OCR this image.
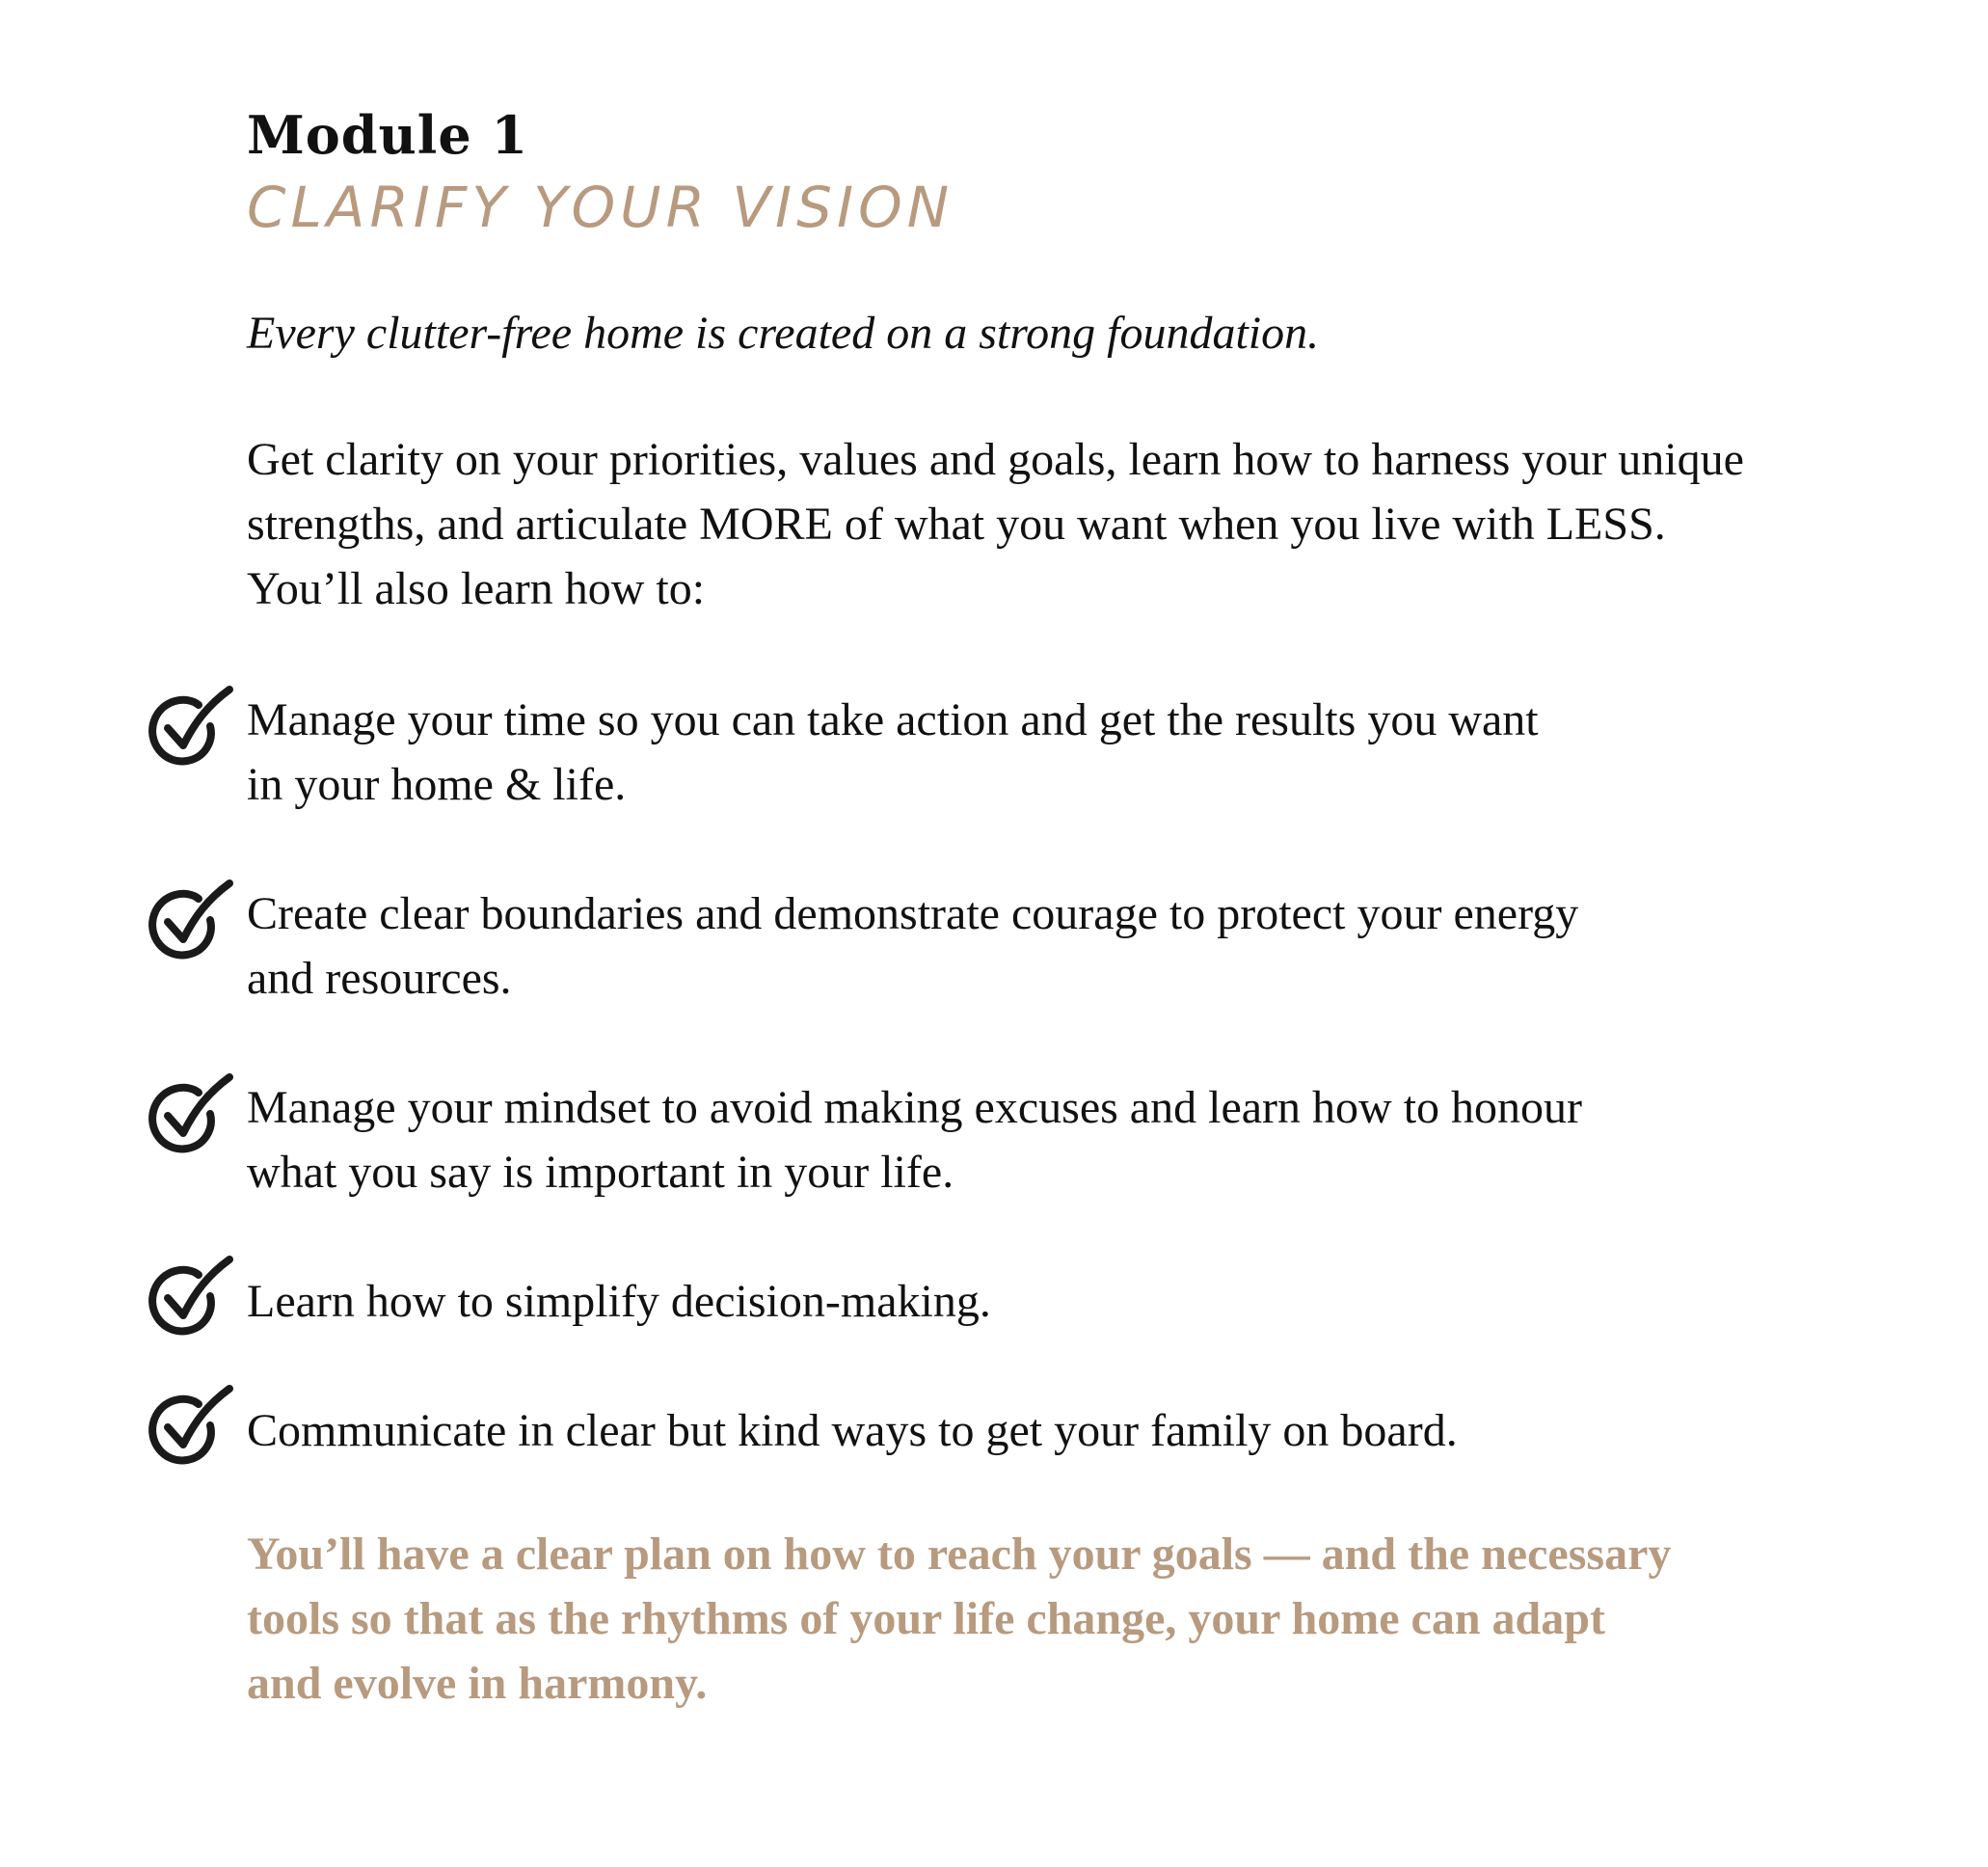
Module 1
CLARIFY YOUR VISION
Every clutter-free home is created on a strong foundation.
Get clarity on your priorities, values and goals, learn how to harness your unique
strengths, and articulate MORE of what you want when you live with LESS.
You’ll also learn how to:
You’ll have a clear plan on how to reach your goals — and the necessary
tools so that as the rhythms of your life change, your home can adapt
and evolve in harmony.
Manage your time so you can take action and get the results you want
in your home & life.
Create clear boundaries and demonstrate courage to protect your energy
and resources.
Manage your mindset to avoid making excuses and learn how to honour
what you say is important in your life.
Learn how to simplify decision-making.
Communicate in clear but kind ways to get your family on board.
